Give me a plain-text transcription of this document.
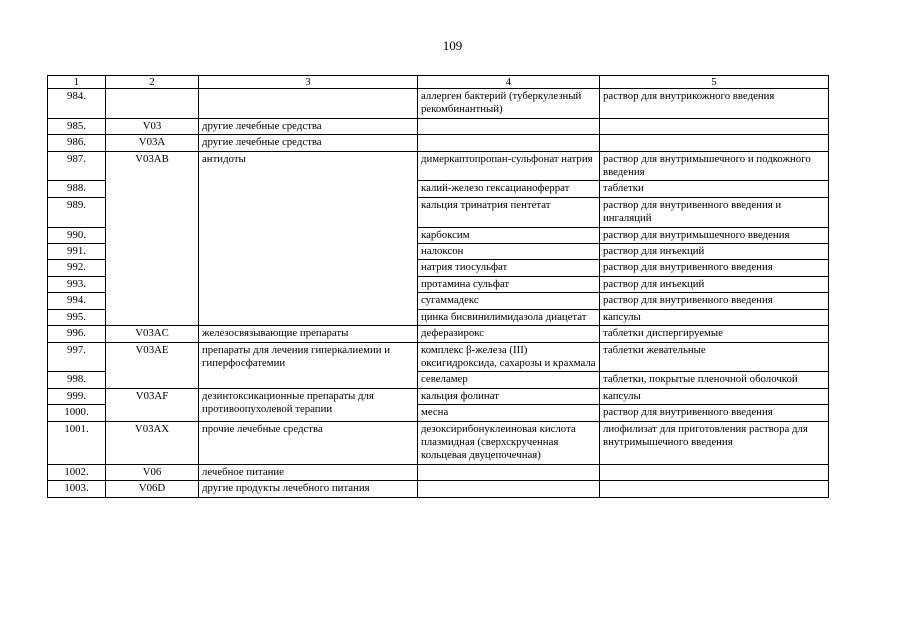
109
1	2	3	4	5
984.			аллерген бактерий (туберкулезный рекомбинантный)	раствор для внутрикожного введения
985.	V03	другие лечебные средства		
986.	V03A	другие лечебные средства		
987.	V03AB	антидоты	димеркаптопропан-сульфонат натрия	раствор для внутримышечного и подкожного введения
988.			калий-железо гексацианоферрат	таблетки
989.			кальция тринатрия пентетат	раствор для внутривенного введения и ингаляций
990.			карбоксим	раствор для внутримышечного введения
991.			налоксон	раствор для инъекций
992.			натрия тиосульфат	раствор для внутривенного введения
993.			протамина сульфат	раствор для инъекций
994.			сугаммадекс	раствор для внутривенного введения
995.			цинка бисвинилимидазола диацетат	капсулы
996.	V03AC	железосвязывающие препараты	деферазирокс	таблетки диспергируемые
997.	V03AE	препараты для лечения гиперкалиемии и гиперфосфатемии	комплекс β-железа (III) оксигидроксида, сахарозы и крахмала	таблетки жевательные
998.			севеламер	таблетки, покрытые пленочной оболочкой
999.	V03AF	дезинтоксикационные препараты для противоопухолевой терапии	кальция фолинат	капсулы
1000.			месна	раствор для внутривенного введения
1001.	V03AX	прочие лечебные средства	дезоксирибонуклеиновая кислота плазмидная (сверхскрученная кольцевая двуцепочечная)	лиофилизат для приготовления раствора для внутримышечного введения
1002.	V06	лечебное питание		
1003.	V06D	другие продукты лечебного питания		
